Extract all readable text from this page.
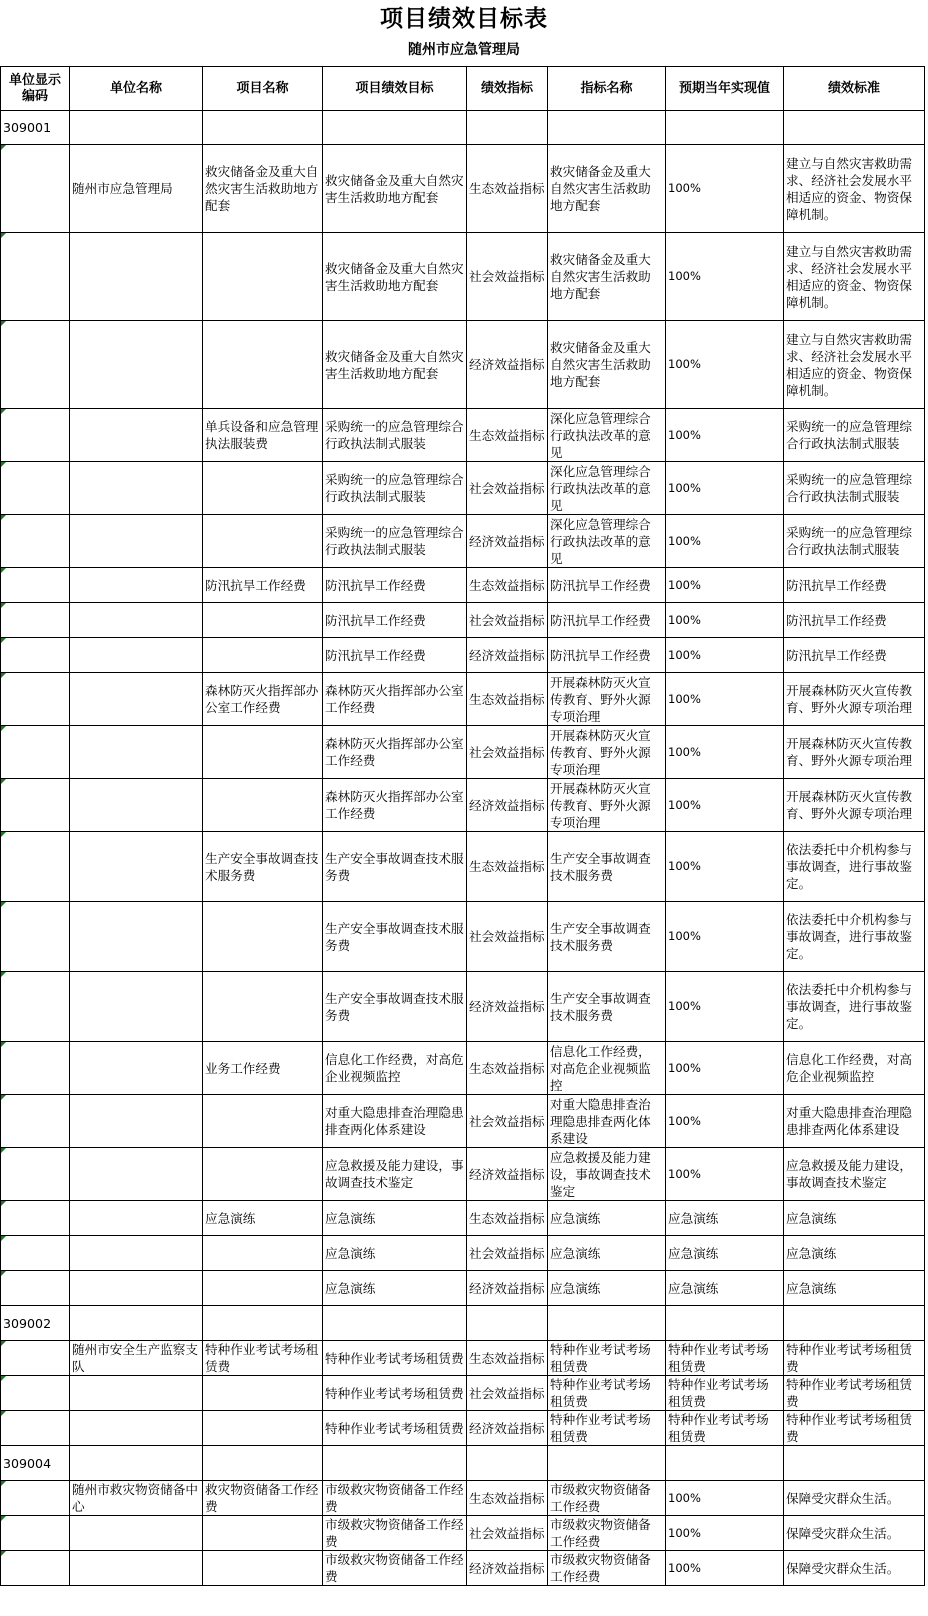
项目绩效目标表
随州市应急管理局
单位显示编码	单位名称	项目名称	项目绩效目标	绩效指标	指标名称	预期当年实现值	绩效标准
309001							
	随州市应急管理局	救灾储备金及重大自然灾害生活救助地方配套	救灾储备金及重大自然灾害生活救助地方配套	生态效益指标	救灾储备金及重大自然灾害生活救助地方配套	100%	建立与自然灾害救助需求、经济社会发展水平相适应的资金、物资保障机制。
			救灾储备金及重大自然灾害生活救助地方配套	社会效益指标	救灾储备金及重大自然灾害生活救助地方配套	100%	建立与自然灾害救助需求、经济社会发展水平相适应的资金、物资保障机制。
			救灾储备金及重大自然灾害生活救助地方配套	经济效益指标	救灾储备金及重大自然灾害生活救助地方配套	100%	建立与自然灾害救助需求、经济社会发展水平相适应的资金、物资保障机制。
		单兵设备和应急管理执法服装费	采购统一的应急管理综合行政执法制式服装	生态效益指标	深化应急管理综合行政执法改革的意见	100%	采购统一的应急管理综合行政执法制式服装
			采购统一的应急管理综合行政执法制式服装	社会效益指标	深化应急管理综合行政执法改革的意见	100%	采购统一的应急管理综合行政执法制式服装
			采购统一的应急管理综合行政执法制式服装	经济效益指标	深化应急管理综合行政执法改革的意见	100%	采购统一的应急管理综合行政执法制式服装
		防汛抗旱工作经费	防汛抗旱工作经费	生态效益指标	防汛抗旱工作经费	100%	防汛抗旱工作经费
			防汛抗旱工作经费	社会效益指标	防汛抗旱工作经费	100%	防汛抗旱工作经费
			防汛抗旱工作经费	经济效益指标	防汛抗旱工作经费	100%	防汛抗旱工作经费
		森林防灭火指挥部办公室工作经费	森林防灭火指挥部办公室工作经费	生态效益指标	开展森林防灭火宣传教育、野外火源专项治理	100%	开展森林防灭火宣传教育、野外火源专项治理
			森林防灭火指挥部办公室工作经费	社会效益指标	开展森林防灭火宣传教育、野外火源专项治理	100%	开展森林防灭火宣传教育、野外火源专项治理
			森林防灭火指挥部办公室工作经费	经济效益指标	开展森林防灭火宣传教育、野外火源专项治理	100%	开展森林防灭火宣传教育、野外火源专项治理
		生产安全事故调查技术服务费	生产安全事故调查技术服务费	生态效益指标	生产安全事故调查技术服务费	100%	依法委托中介机构参与事故调查，进行事故鉴定。
			生产安全事故调查技术服务费	社会效益指标	生产安全事故调查技术服务费	100%	依法委托中介机构参与事故调查，进行事故鉴定。
			生产安全事故调查技术服务费	经济效益指标	生产安全事故调查技术服务费	100%	依法委托中介机构参与事故调查，进行事故鉴定。
		业务工作经费	信息化工作经费，对高危企业视频监控	生态效益指标	信息化工作经费，对高危企业视频监控	100%	信息化工作经费，对高危企业视频监控
			对重大隐患排查治理隐患排查两化体系建设	社会效益指标	对重大隐患排查治理隐患排查两化体系建设	100%	对重大隐患排查治理隐患排查两化体系建设
			应急救援及能力建设，事故调查技术鉴定	经济效益指标	应急救援及能力建设，事故调查技术鉴定	100%	应急救援及能力建设，事故调查技术鉴定
		应急演练	应急演练	生态效益指标	应急演练	应急演练	应急演练
			应急演练	社会效益指标	应急演练	应急演练	应急演练
			应急演练	经济效益指标	应急演练	应急演练	应急演练
309002							
	随州市安全生产监察支队	特种作业考试考场租赁费	特种作业考试考场租赁费	生态效益指标	特种作业考试考场租赁费	特种作业考试考场租赁费	特种作业考试考场租赁费
			特种作业考试考场租赁费	社会效益指标	特种作业考试考场租赁费	特种作业考试考场租赁费	特种作业考试考场租赁费
			特种作业考试考场租赁费	经济效益指标	特种作业考试考场租赁费	特种作业考试考场租赁费	特种作业考试考场租赁费
309004							
	随州市救灾物资储备中心	救灾物资储备工作经费	市级救灾物资储备工作经费	生态效益指标	市级救灾物资储备工作经费	100%	保障受灾群众生活。
			市级救灾物资储备工作经费	社会效益指标	市级救灾物资储备工作经费	100%	保障受灾群众生活。
			市级救灾物资储备工作经费	经济效益指标	市级救灾物资储备工作经费	100%	保障受灾群众生活。
